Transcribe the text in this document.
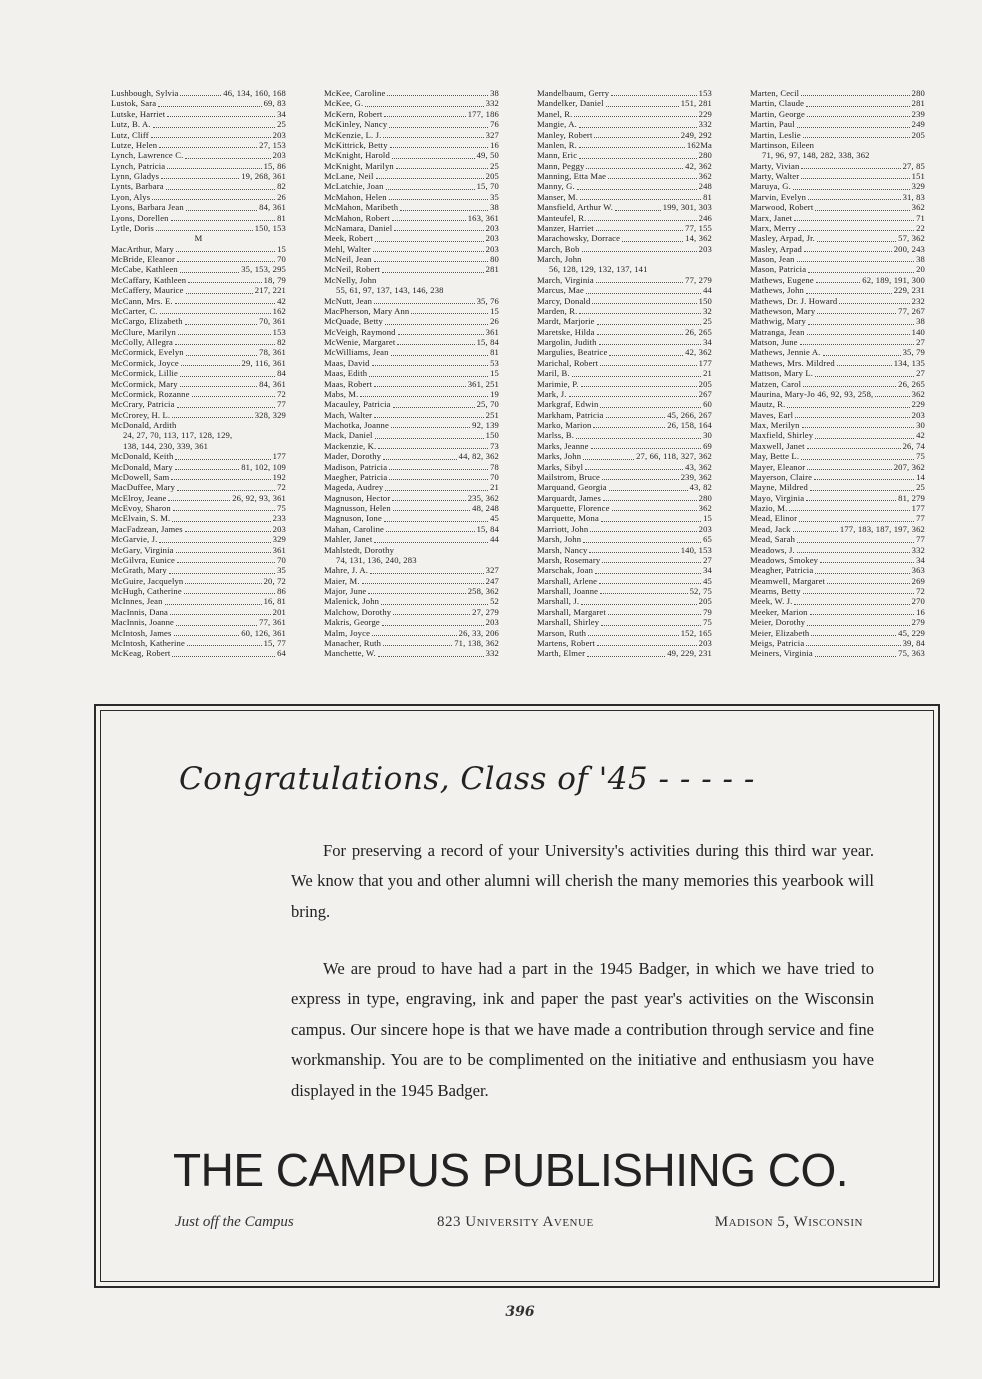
Lushbough, Sylvia	46, 134, 160, 168
Lustok, Sara	69, 83
Lutske, Harriet	34
Lutz, B. A.	25
Lutz, Cliff	203
Lutze, Helen	27, 153
Lynch, Lawrence C.	203
Lynch, Patricia	15, 86
Lynn, Gladys	19, 268, 361
Lynts, Barbara	82
Lyon, Alys	26
Lyons, Barbara Jean	84, 361
Lyons, Dorellen	81
Lytle, Doris	150, 153
M
MacArthur, Mary	15
McBride, Eleanor	70
McCabe, Kathleen	35, 153, 295
McCaffary, Kathleen	18, 79
McCaffery, Maurice	217, 221
McCann, Mrs. E.	42
McCarter, C.	162
McCargo, Elizabeth	70, 361
McClure, Marilyn	153
McColly, Allegra	82
McCormick, Evelyn	78, 361
McCormick, Joyce	29, 116, 361
McCormick, Lillie	84
McCormick, Mary	84, 361
McCormick, Rozanne	72
McCrary, Patricia	77
McCrorey, H. L.	328, 329
McDonald, Ardith
24, 27, 70, 113, 117, 128, 129,
138, 144, 230, 339, 361
McDonald, Keith	177
McDonald, Mary	81, 102, 109
McDowell, Sam	192
MacDuffee, Mary	72
McElroy, Jeane	26, 92, 93, 361
McEvoy, Sharon	75
McElvain, S. M.	233
MacFadzean, James	203
McGarvie, J.	329
McGary, Virginia	361
McGilvra, Eunice	70
McGrath, Mary	35
McGuire, Jacquelyn	20, 72
McHugh, Catherine	86
McInnes, Jean	16, 81
MacInnis, Dana	201
MacInnis, Joanne	77, 361
McIntosh, James	60, 126, 361
McIntosh, Katherine	15, 77
McKeag, Robert	64
McKee, Caroline	38
McKee, G.	332
McKern, Robert	177, 186
McKinley, Nancy	76
McKenzie, L. J.	327
McKittrick, Betty	16
McKnight, Harold	49, 50
McKnight, Marilyn	25
McLane, Neil	205
McLatchie, Joan	15, 70
McMahon, Helen	35
McMahon, Maribeth	38
McMahon, Robert	163, 361
McNamara, Daniel	203
Meek, Robert	203
Mehl, Walter	203
McNeil, Jean	80
McNeil, Robert	281
McNelly, John
55, 61, 97, 137, 143, 146, 238
McNutt, Jean	35, 76
MacPherson, Mary Ann	15
McQuade, Betty	26
McVeigh, Raymond	361
McWenie, Margaret	15, 84
McWilliams, Jean	81
Maas, David	53
Maas, Edith	15
Maas, Robert	361, 251
Mabs, M.	19
Macauley, Patricia	25, 70
Mach, Walter	251
Machotka, Joanne	92, 139
Mack, Daniel	150
Mackenzie, K.	73
Mader, Dorothy	44, 82, 362
Madison, Patricia	78
Maegher, Patricia	70
Mageda, Audrey	21
Magnuson, Hector	235, 362
Magnusson, Helen	48, 248
Magnuson, Ione	45
Mahan, Caroline	15, 84
Mahler, Janet	44
Mahlstedt, Dorothy
74, 131, 136, 240, 283
Mahre, J. A.	327
Maier, M.	247
Major, June	258, 362
Malenick, John	52
Malchow, Dorothy	27, 279
Makris, George	203
Malm, Joyce	26, 33, 206
Manacher, Ruth	71, 138, 362
Manchette, W.	332
Mandelbaum, Gerry	153
Mandelker, Daniel	151, 281
Manel, R.	229
Mangie, A.	332
Manley, Robert	249, 292
Manlen, R.	162Ma
Mann, Eric	280
Mann, Peggy	42, 362
Manning, Etta Mae	362
Manny, G.	248
Manser, M.	81
Mansfield, Arthur W.	199, 301, 303
Manteufel, R.	246
Manzer, Harriet	77, 155
Marachowsky, Dorrace	14, 362
March, Bob	203
March, John
56, 128, 129, 132, 137, 141
March, Virginia	77, 279
Marcus, Mae	44
Marcy, Donald	150
Marden, R.	32
Mardt, Marjorie	25
Maretske, Hilda	26, 265
Margolin, Judith	34
Margulies, Beatrice	42, 362
Marichal, Robert	177
Maril, B.	21
Marimie, P.	205
Mark, J.	267
Markgraf, Edwin	60
Markham, Patricia	45, 266, 267
Marko, Marion	26, 158, 164
Marlss, B.	30
Marks, Jeanne	69
Marks, John	27, 66, 118, 327, 362
Marks, Sibyl	43, 362
Mailstrom, Bruce	239, 362
Marquand, Georgia	43, 82
Marquardt, James	280
Marquette, Florence	362
Marquette, Mona	15
Marriott, John	203
Marsh, John	65
Marsh, Nancy	140, 153
Marsh, Rosemary	27
Marschak, Joan	34
Marshall, Arlene	45
Marshall, Joanne	52, 75
Marshall, J.	205
Marshall, Margaret	79
Marshall, Shirley	75
Marson, Ruth	152, 165
Martens, Robert	203
Marth, Elmer	49, 229, 231
Marten, Cecil	280
Martin, Claude	281
Martin, George	239
Martin, Paul	249
Martin, Leslie	205
Martinson, Eileen
71, 96, 97, 148, 282, 338, 362
Marty, Vivian	27, 85
Marty, Walter	151
Maruya, G.	329
Marvin, Evelyn	31, 83
Marwood, Robert	362
Marx, Janet	71
Marx, Merry	22
Masley, Arpad, Jr.	57, 362
Masley, Arpad	200, 243
Mason, Jean	38
Mason, Patricia	20
Mathews, Eugene	62, 189, 191, 300
Mathews, John	229, 231
Mathews, Dr. J. Howard	232
Mathewson, Mary	77, 267
Mathwig, Mary	38
Matranga, Jean	140
Matson, June	27
Mathews, Jennie A.	35, 79
Mathews, Mrs. Mildred	134, 135
Mattson, Mary L.	27
Matzen, Carol	26, 265
Maurina, Mary-Jo 46, 92, 93, 258,	362
Mautz, R.	229
Maves, Earl	203
Max, Merilyn	30
Maxfield, Shirley	42
Maxwell, Janet	26, 74
May, Bette L.	75
Mayer, Eleanor	207, 362
Mayerson, Claire	14
Mayne, Mildred	25
Mayo, Virginia	81, 279
Mazio, M.	177
Mead, Elinor	77
Mead, Jack	177, 183, 187, 197, 362
Mead, Sarah	77
Meadows, J.	332
Meadows, Smokey	34
Meagher, Patricia	363
Meamwell, Margaret	269
Mearns, Betty	72
Meek, W. J.	270
Meeker, Marion	16
Meier, Dorothy	279
Meier, Elizabeth	45, 229
Meigs, Patricia	39, 84
Meiners, Virginia	75, 363
Congratulations, Class of '45 - - - - -
For preserving a record of your University's activities during this third war year. We know that you and other alumni will cherish the many memories this yearbook will bring.
We are proud to have had a part in the 1945 Badger, in which we have tried to express in type, engraving, ink and paper the past year's activities on the Wisconsin campus. Our sincere hope is that we have made a contribution through service and fine workmanship. You are to be complimented on the initiative and enthusiasm you have displayed in the 1945 Badger.
THE CAMPUS PUBLISHING CO.
Just off the Campus	823 University Avenue	Madison 5, Wisconsin
396
